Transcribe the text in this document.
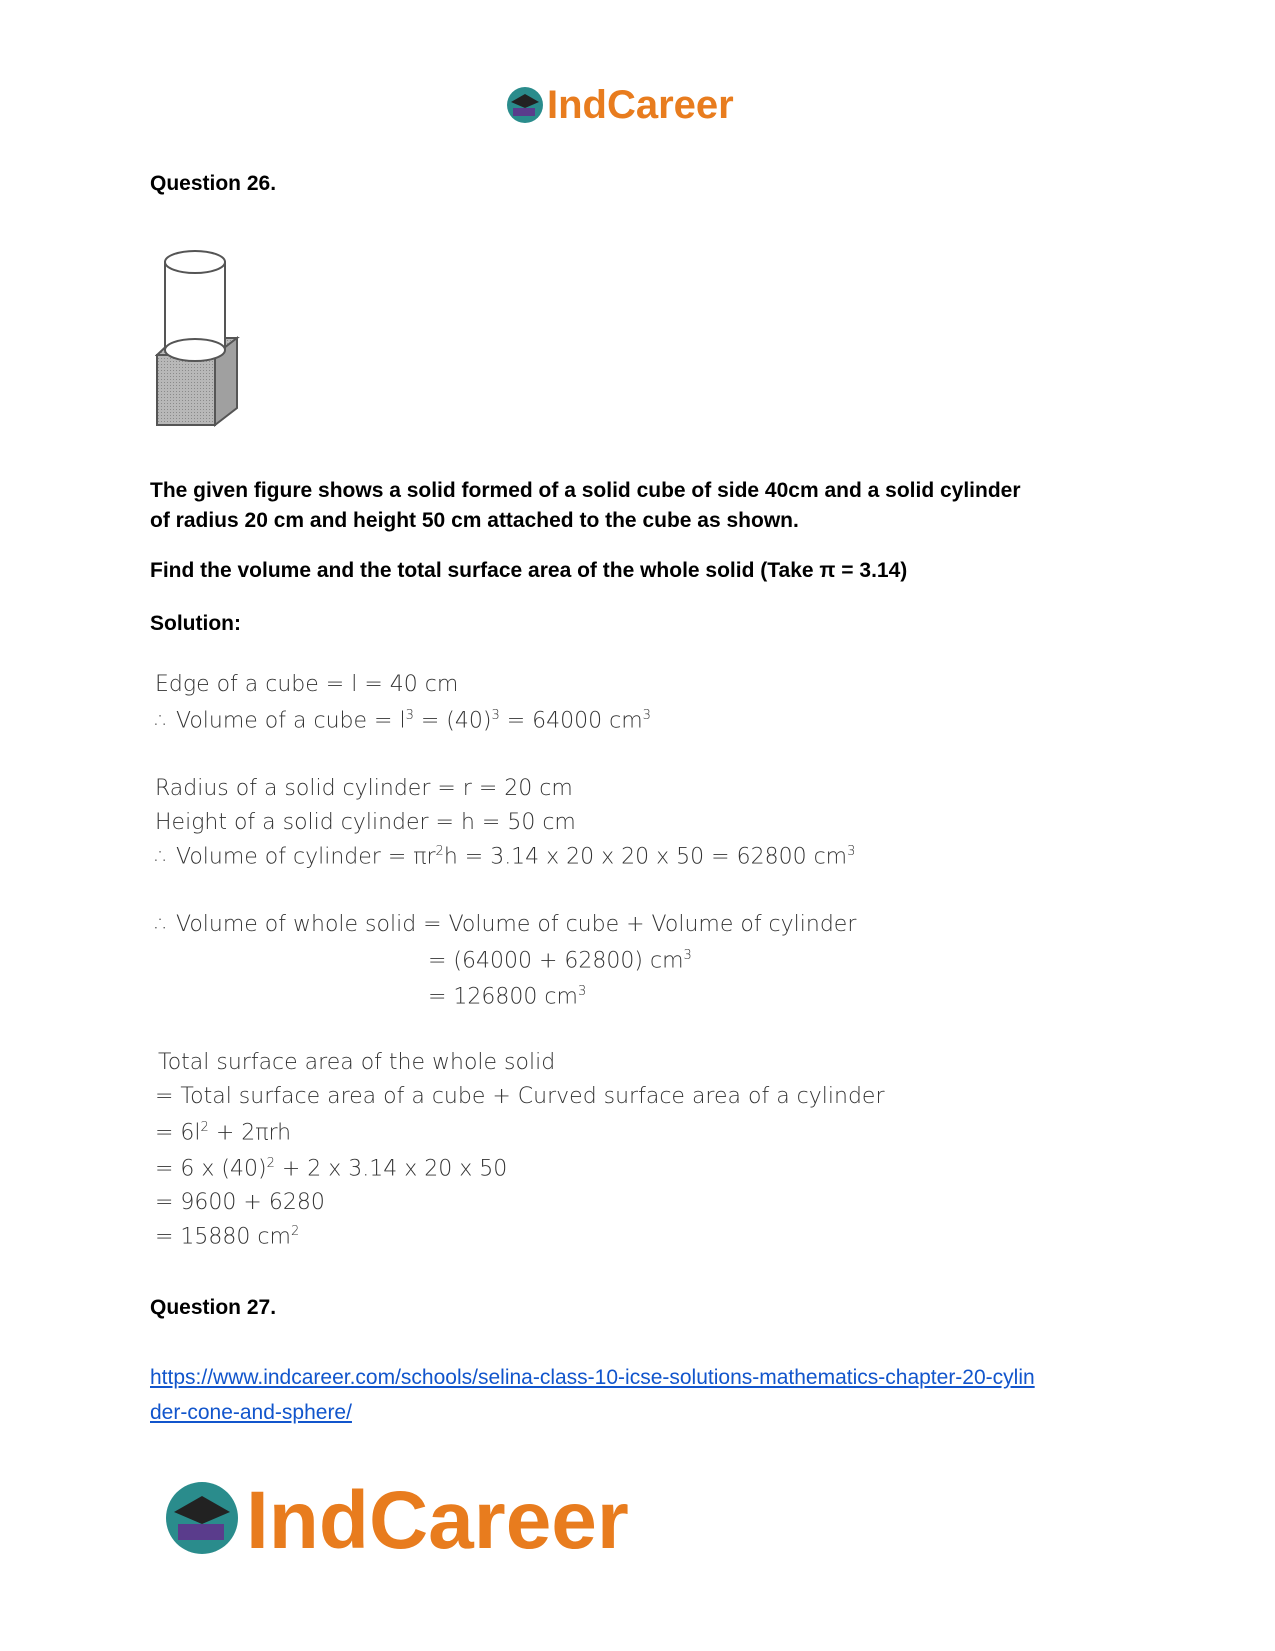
IndCareer
Question 26.
The given figure shows a solid formed of a solid cube of side 40cm and a solid cylinder
of radius 20 cm and height 50 cm attached to the cube as shown.
Find the volume and the total surface area of the whole solid (Take π = 3.14)
Solution:
Edge of a cube = l = 40 cm
∴ Volume of a cube = $l^3 = (40)^3 = 64000$ $cm^3$
Radius of a solid cylinder = r = 20 cm
Height of a solid cylinder = h = 50 cm
∴ Volume of cylinder = $\pi r^2h = 3.14$ x 20 x 20 x 50 = 62800 $cm^3$
∴ Volume of whole solid = Volume of cube + Volume of cylinder
= (64000 + 62800) $cm^3$
= 126800 $cm^3$
Total surface area of the whole solid
= Total surface area of a cube + Curved surface area of a cylinder
= $6l^2 + 2\pi rh$
= 6 x $(40)^2 + 2$ x 3.14 x 20 x 50
= 9600 + 6280
= 15880 $cm^2$
Question 27.
https://www.indcareer.com/schools/selina-class-10-icse-solutions-mathematics-chapter-20-cylin
der-cone-and-sphere/
IndCareer
